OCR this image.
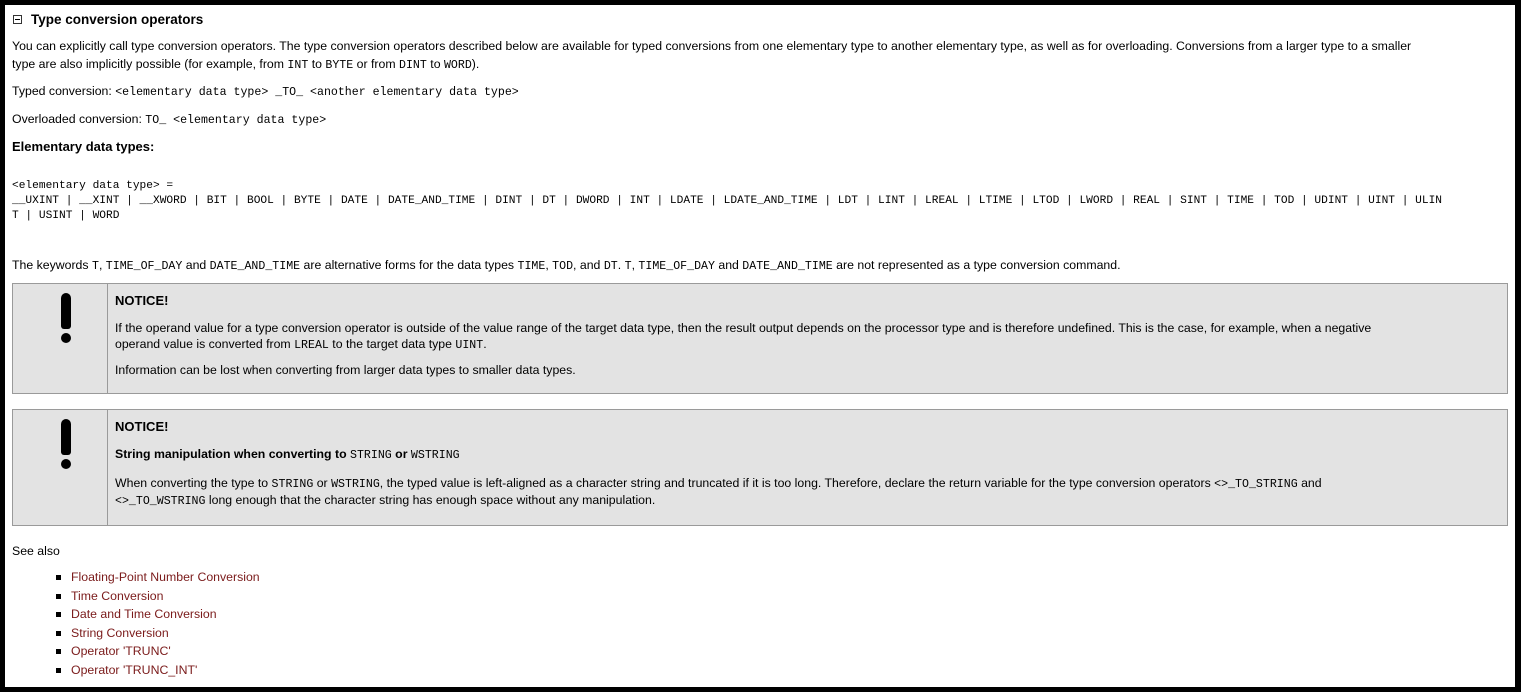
Type conversion operators
You can explicitly call type conversion operators. The type conversion operators described below are available for typed conversions from one elementary type to another elementary type, as well as for overloading. Conversions from a larger type to a smaller
type are also implicitly possible (for example, from INT to BYTE or from DINT to WORD).
Typed conversion: <elementary data type> _TO_ <another elementary data type>
Overloaded conversion: TO_ <elementary data type>
Elementary data types:
<elementary data type> =
__UXINT | __XINT | __XWORD | BIT | BOOL | BYTE | DATE | DATE_AND_TIME | DINT | DT | DWORD | INT | LDATE | LDATE_AND_TIME | LDT | LINT | LREAL | LTIME | LTOD | LWORD | REAL | SINT | TIME | TOD | UDINT | UINT | ULIN
T | USINT | WORD
The keywords T, TIME_OF_DAY and DATE_AND_TIME are alternative forms for the data types TIME, TOD, and DT. T, TIME_OF_DAY and DATE_AND_TIME are not represented as a type conversion command.
NOTICE!
If the operand value for a type conversion operator is outside of the value range of the target data type, then the result output depends on the processor type and is therefore undefined. This is the case, for example, when a negative
operand value is converted from LREAL to the target data type UINT.
Information can be lost when converting from larger data types to smaller data types.
NOTICE!
String manipulation when converting to STRING or WSTRING
When converting the type to STRING or WSTRING, the typed value is left-aligned as a character string and truncated if it is too long. Therefore, declare the return variable for the type conversion operators <>_TO_STRING and
<>_TO_WSTRING long enough that the character string has enough space without any manipulation.
See also
Floating-Point Number Conversion
Time Conversion
Date and Time Conversion
String Conversion
Operator 'TRUNC'
Operator 'TRUNC_INT'
